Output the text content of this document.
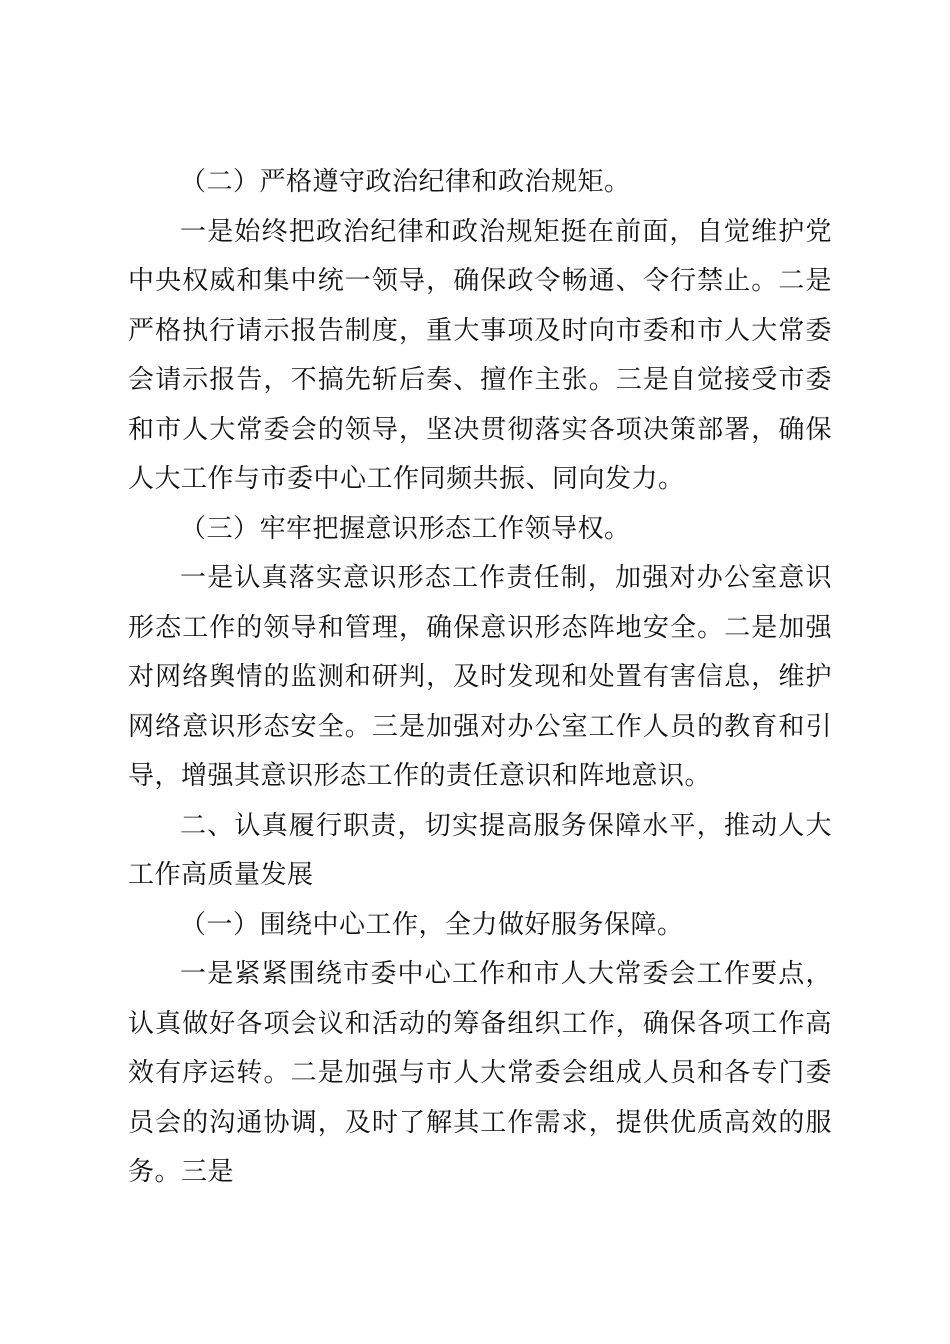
（二）严格遵守政治纪律和政治规矩。

一是始终把政治纪律和政治规矩挺在前面，自觉维护党中央权威和集中统一领导，确保政令畅通、令行禁止。二是严格执行请示报告制度，重大事项及时向市委和市人大常委会请示报告，不搞先斩后奏、擅作主张。三是自觉接受市委和市人大常委会的领导，坚决贯彻落实各项决策部署，确保人大工作与市委中心工作同频共振、同向发力。

（三）牢牢把握意识形态工作领导权。

一是认真落实意识形态工作责任制，加强对办公室意识形态工作的领导和管理，确保意识形态阵地安全。二是加强对网络舆情的监测和研判，及时发现和处置有害信息，维护网络意识形态安全。三是加强对办公室工作人员的教育和引导，增强其意识形态工作的责任意识和阵地意识。

二、认真履行职责，切实提高服务保障水平，推动人大工作高质量发展

（一）围绕中心工作，全力做好服务保障。

一是紧紧围绕市委中心工作和市人大常委会工作要点，认真做好各项会议和活动的筹备组织工作，确保各项工作高效有序运转。二是加强与市人大常委会组成人员和各专门委员会的沟通协调，及时了解其工作需求，提供优质高效的服务。三是
